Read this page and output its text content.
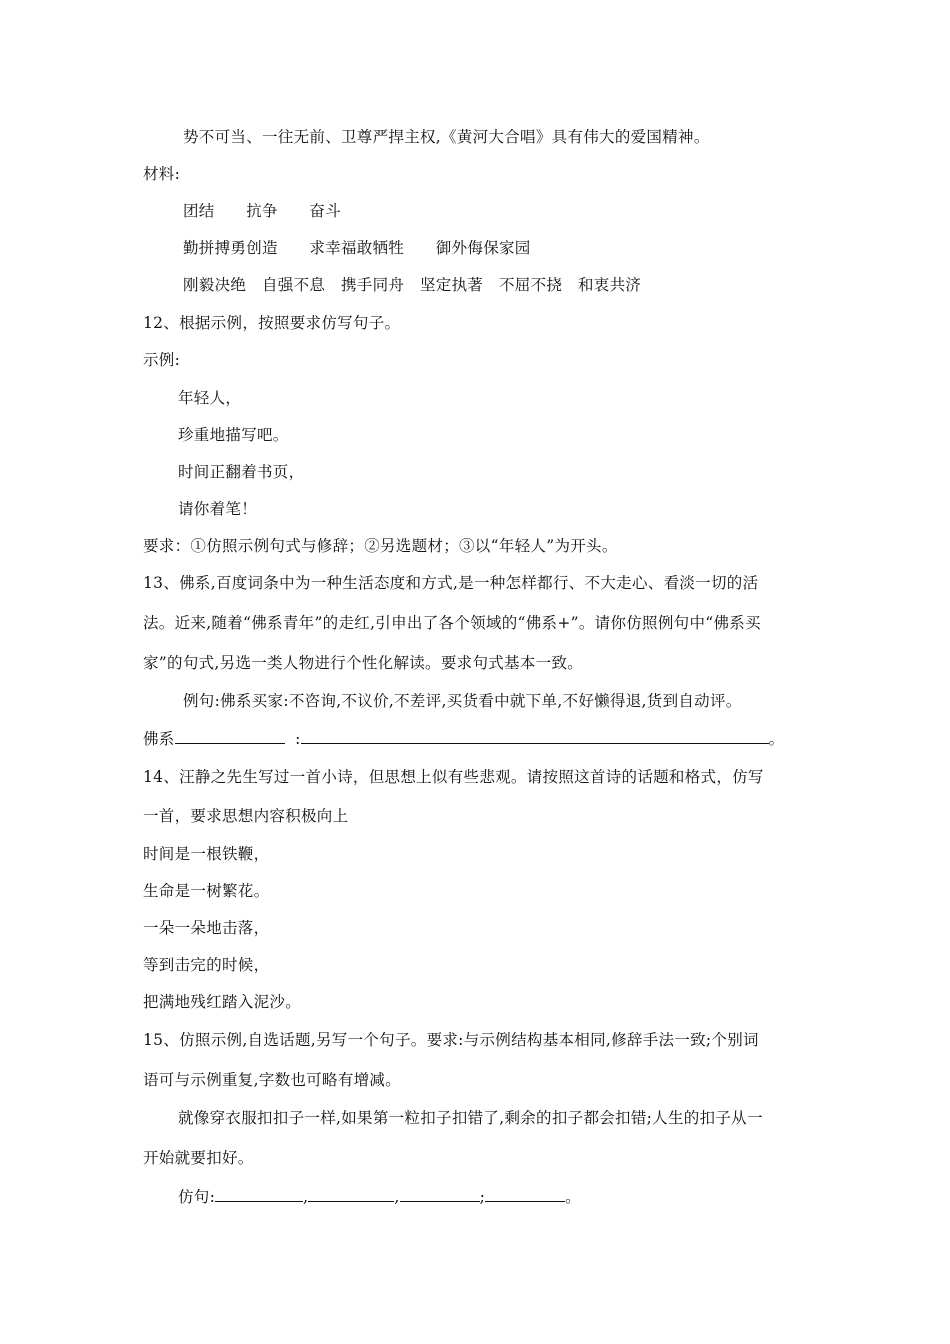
势不可当、一往无前、卫尊严捍主权,《黄河大合唱》具有伟大的爱国精神。
材料:
团结　　抗争　　奋斗
勤拼搏勇创造　　求幸福敢牺牲　　御外侮保家园
刚毅决绝　自强不息　携手同舟　坚定执著　不屈不挠　和衷共济
12、根据示例，按照要求仿写句子。
示例:
年轻人，
珍重地描写吧。
时间正翻着书页，
请你着笔！
要求：①仿照示例句式与修辞；②另选题材；③以“年轻人”为开头。
13、佛系,百度词条中为一种生活态度和方式,是一种怎样都行、不大走心、看淡一切的活
法。近来,随着“佛系青年”的走红,引申出了各个领域的“佛系+”。请你仿照例句中“佛系买
家”的句式,另选一类人物进行个性化解读。要求句式基本一致。
例句:佛系买家:不咨询,不议价,不差评,买货看中就下单,不好懒得退,货到自动评。
佛系	:	。
14、汪静之先生写过一首小诗，但思想上似有些悲观。请按照这首诗的话题和格式，仿写
一首，要求思想内容积极向上
时间是一根铁鞭，
生命是一树繁花。
一朵一朵地击落，
等到击完的时候，
把满地残红踏入泥沙。
15、仿照示例,自选话题,另写一个句子。要求:与示例结构基本相同,修辞手法一致;个别词
语可与示例重复,字数也可略有增减。
就像穿衣服扣扣子一样,如果第一粒扣子扣错了,剩余的扣子都会扣错;人生的扣子从一
开始就要扣好。
仿句:	,	,	;	。
